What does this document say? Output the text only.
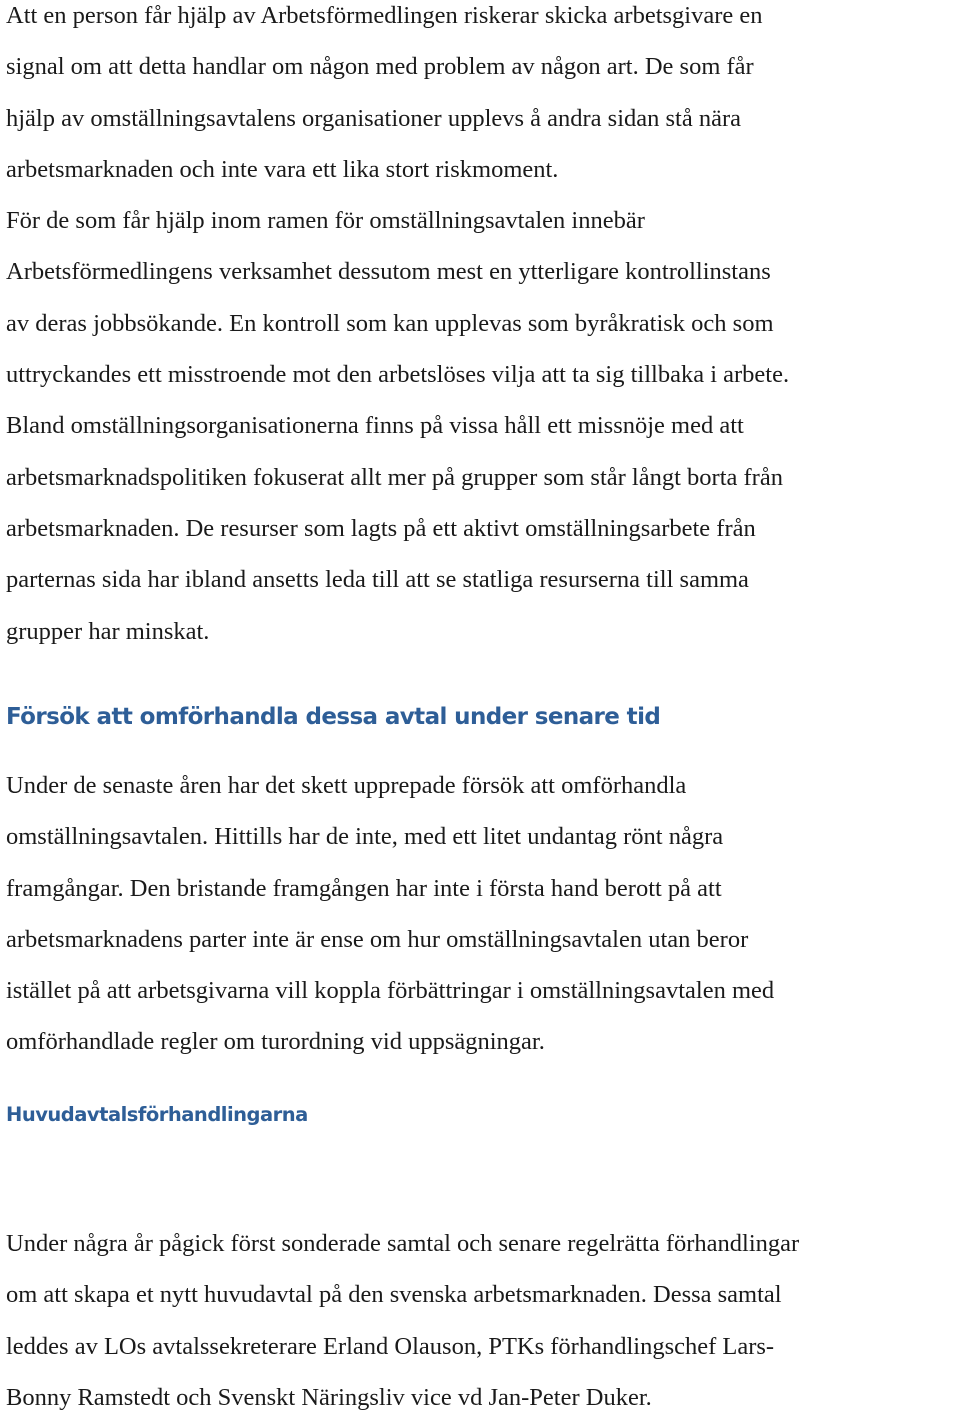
Att en person får hjälp av Arbetsförmedlingen riskerar skicka arbetsgivare en
signal om att detta handlar om någon med problem av någon art. De som får
hjälp av omställningsavtalens organisationer upplevs å andra sidan stå nära
arbetsmarknaden och inte vara ett lika stort riskmoment.
För de som får hjälp inom ramen för omställningsavtalen innebär
Arbetsförmedlingens verksamhet dessutom mest en ytterligare kontrollinstans
av deras jobbsökande. En kontroll som kan upplevas som byråkratisk och som
uttryckandes ett misstroende mot den arbetslöses vilja att ta sig tillbaka i arbete.
Bland omställningsorganisationerna finns på vissa håll ett missnöje med att
arbetsmarknadspolitiken fokuserat allt mer på grupper som står långt borta från
arbetsmarknaden. De resurser som lagts på ett aktivt omställningsarbete från
parternas sida har ibland ansetts leda till att se statliga resurserna till samma
grupper har minskat.

Försök att omförhandla dessa avtal under senare tid

Under de senaste åren har det skett upprepade försök att omförhandla
omställningsavtalen. Hittills har de inte, med ett litet undantag rönt några
framgångar. Den bristande framgången har inte i första hand berott på att
arbetsmarknadens parter inte är ense om hur omställningsavtalen utan beror
istället på att arbetsgivarna vill koppla förbättringar i omställningsavtalen med
omförhandlade regler om turordning vid uppsägningar.

Huvudavtalsförhandlingarna

Under några år pågick först sonderade samtal och senare regelrätta förhandlingar
om att skapa et nytt huvudavtal på den svenska arbetsmarknaden. Dessa samtal
leddes av LOs avtalssekreterare Erland Olauson, PTKs förhandlingschef Lars-
Bonny Ramstedt och Svenskt Näringsliv vice vd Jan-Peter Duker.
